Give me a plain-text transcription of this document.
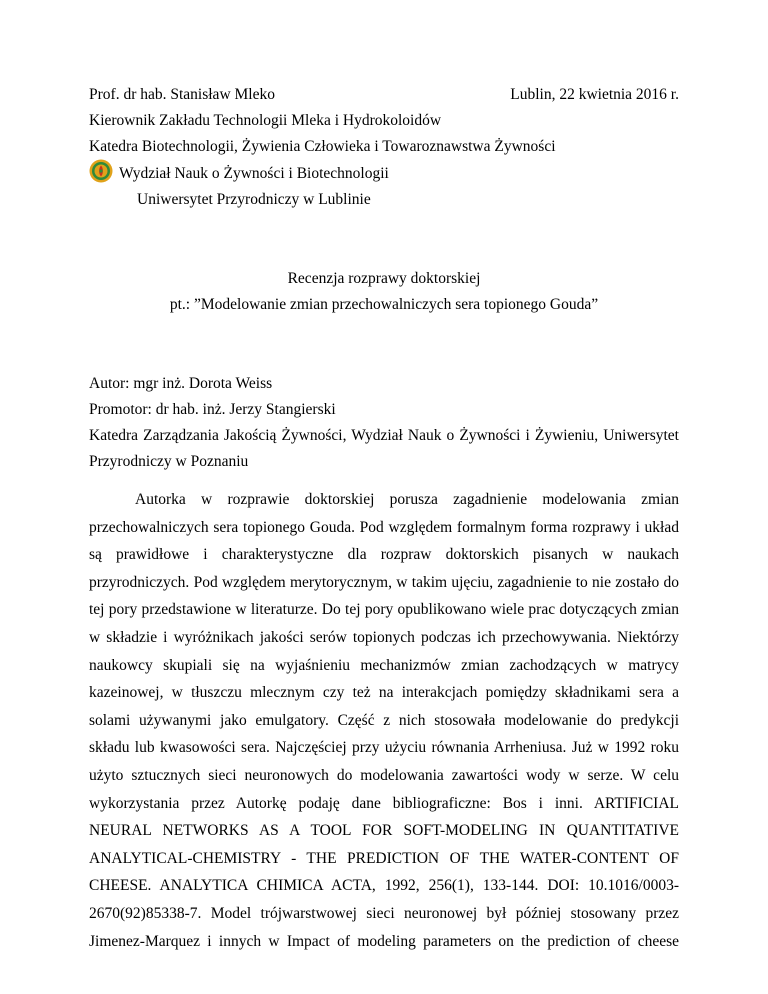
Prof. dr hab. Stanisław Mleko	Lublin, 22 kwietnia 2016 r.
Kierownik Zakładu Technologii Mleka i Hydrokoloidów
Katedra Biotechnologii, Żywienia Człowieka i Towaroznawstwa Żywności
Wydział Nauk o Żywności i Biotechnologii
Uniwersytet Przyrodniczy w Lublinie
Recenzja rozprawy doktorskiej
pt.: ”Modelowanie zmian przechowalniczych sera topionego Gouda”
Autor: mgr inż. Dorota Weiss
Promotor: dr hab. inż. Jerzy Stangierski
Katedra Zarządzania Jakością Żywności, Wydział Nauk o Żywności i Żywieniu, Uniwersytet
Przyrodniczy w Poznaniu
Autorka w rozprawie doktorskiej porusza zagadnienie modelowania zmian
przechowalniczych sera topionego Gouda. Pod względem formalnym forma rozprawy i układ
są prawidłowe i charakterystyczne dla rozpraw doktorskich pisanych w naukach
przyrodniczych. Pod względem merytorycznym, w takim ujęciu, zagadnienie to nie zostało do
tej pory przedstawione w literaturze. Do tej pory opublikowano wiele prac dotyczących zmian
w składzie i wyróżnikach jakości serów topionych podczas ich przechowywania. Niektórzy
naukowcy skupiali się na wyjaśnieniu mechanizmów zmian zachodzących w matrycy
kazeinowej, w tłuszczu mlecznym czy też na interakcjach pomiędzy składnikami sera a
solami używanymi jako emulgatory. Część z nich stosowała modelowanie do predykcji
składu lub kwasowości sera. Najczęściej przy użyciu równania Arrheniusa. Już w 1992 roku
użyto sztucznych sieci neuronowych do modelowania zawartości wody w serze. W celu
wykorzystania przez Autorkę podaję dane bibliograficzne: Bos i inni. ARTIFICIAL
NEURAL NETWORKS AS A TOOL FOR SOFT-MODELING IN QUANTITATIVE
ANALYTICAL-CHEMISTRY - THE PREDICTION OF THE WATER-CONTENT OF
CHEESE. ANALYTICA CHIMICA ACTA, 1992, 256(1), 133-144. DOI: 10.1016/0003-
2670(92)85338-7. Model trójwarstwowej sieci neuronowej był później stosowany przez
Jimenez-Marquez i innych w Impact of modeling parameters on the prediction of cheese
